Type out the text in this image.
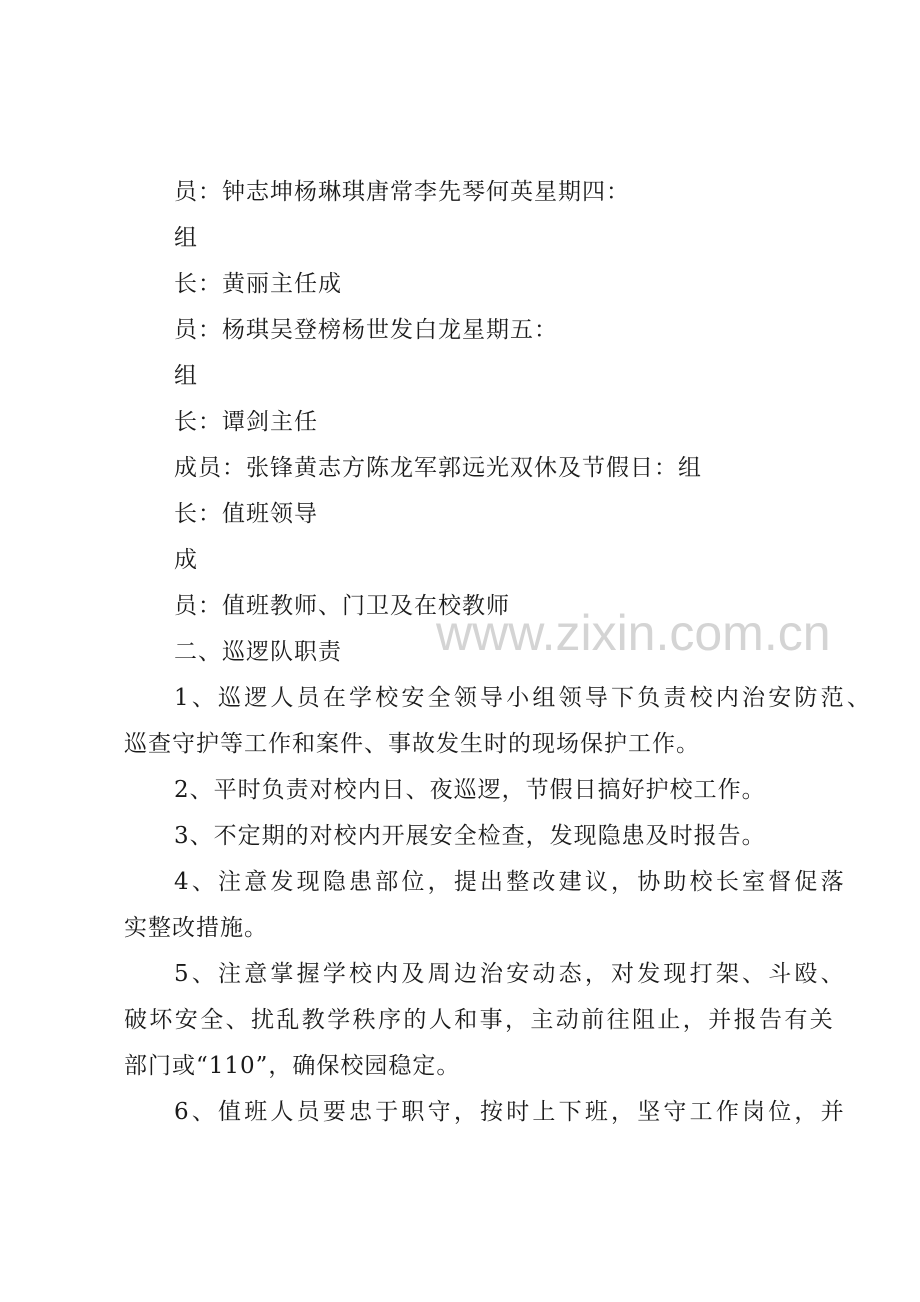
员：钟志坤杨琳琪唐常李先琴何英星期四：
组
长：黄丽主任成
员：杨琪吴登榜杨世发白龙星期五：
组
长：谭剑主任
成员：张锋黄志方陈龙军郭远光双休及节假日：组
长：值班领导
成
员：值班教师、门卫及在校教师
二、巡逻队职责
1、巡逻人员在学校安全领导小组领导下负责校内治安防范、
巡查守护等工作和案件、事故发生时的现场保护工作。
2、平时负责对校内日、夜巡逻，节假日搞好护校工作。
3、不定期的对校内开展安全检查，发现隐患及时报告。
4、注意发现隐患部位，提出整改建议，协助校长室督促落
实整改措施。
5、注意掌握学校内及周边治安动态，对发现打架、斗殴、
破坏安全、扰乱教学秩序的人和事，主动前往阻止，并报告有关
部门或“110”，确保校园稳定。
6、值班人员要忠于职守，按时上下班，坚守工作岗位，并
www.zixin.com.cn
